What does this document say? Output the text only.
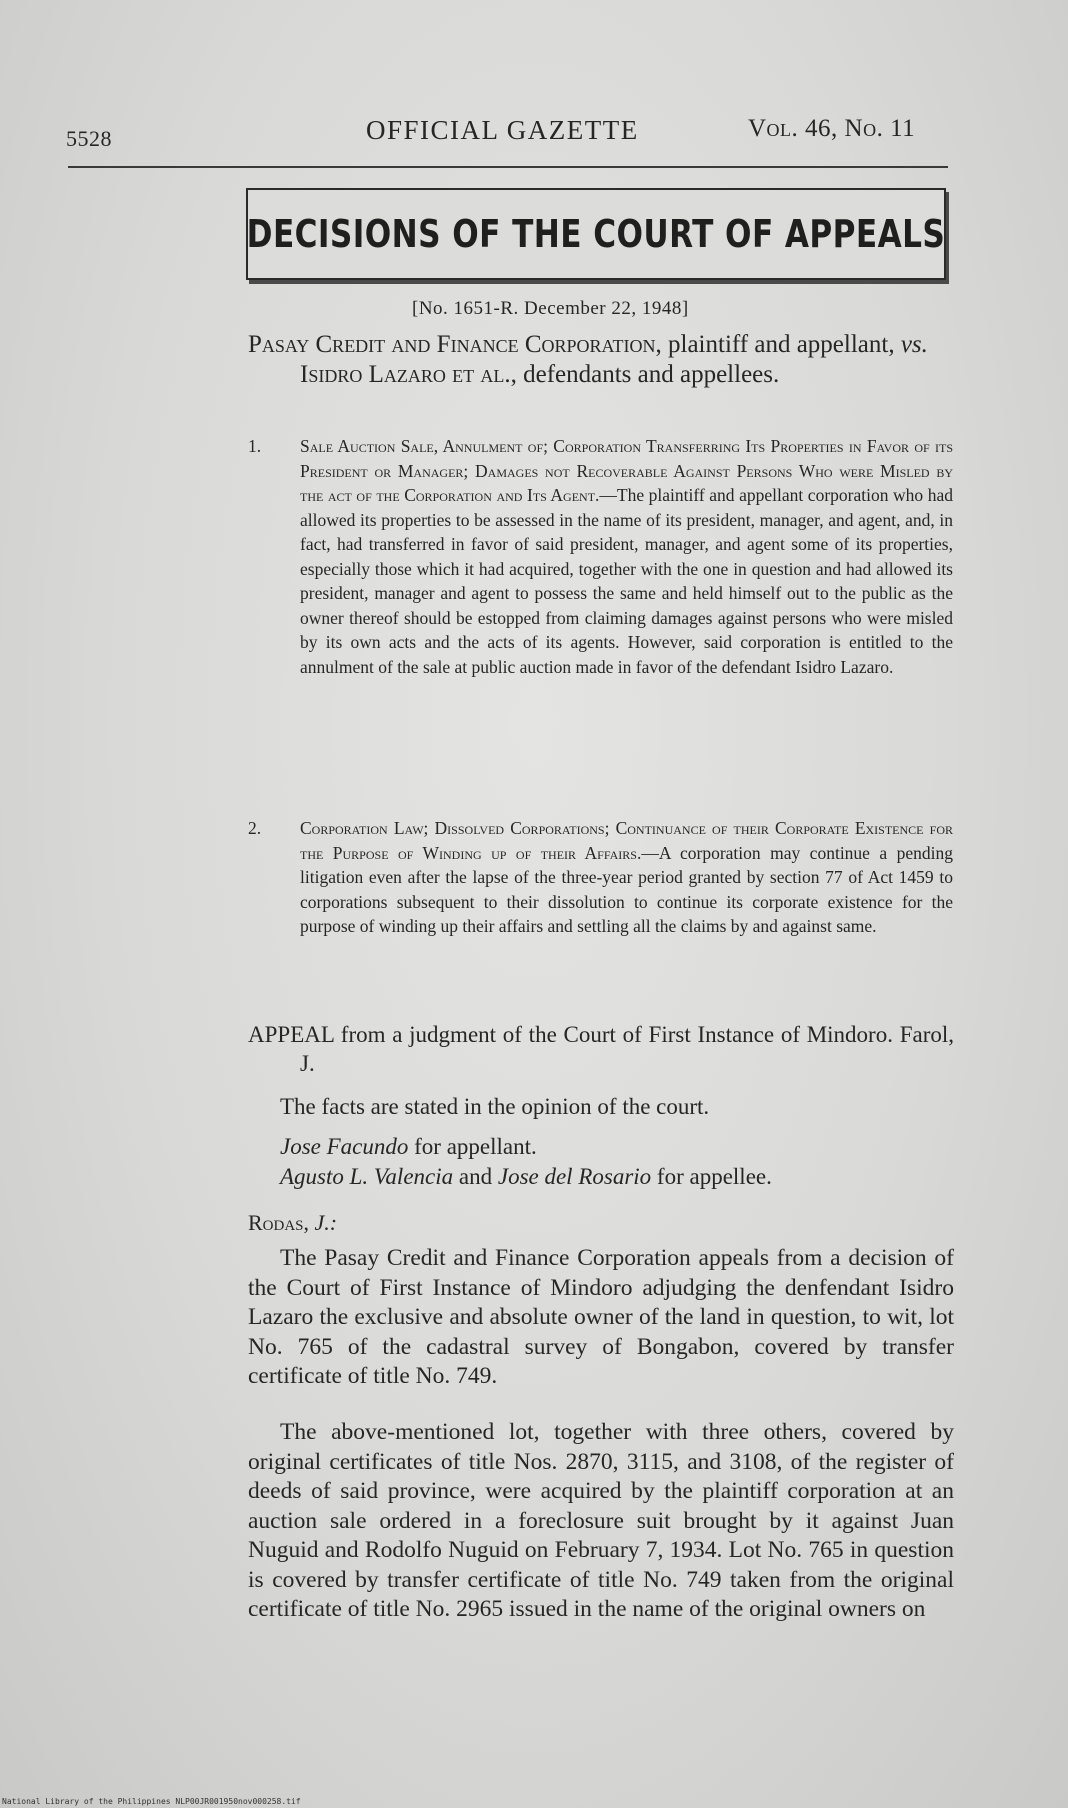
5528	OFFICIAL GAZETTE	Vol. 46, No. 11
DECISIONS OF THE COURT OF APPEALS
[No. 1651-R. December 22, 1948]
Pasay Credit and Finance Corporation, plaintiff and appellant, vs. Isidro Lazaro et al., defendants and appellees.
1. Sale Auction Sale, Annulment of; Corporation Transferring Its Properties in Favor of its President or Manager; Damages not Recoverable Against Persons Who were Misled by the act of the Corporation and Its Agent.—The plaintiff and appellant corporation who had allowed its properties to be assessed in the name of its president, manager, and agent, and, in fact, had transferred in favor of said president, manager, and agent some of its properties, especially those which it had acquired, together with the one in question and had allowed its president, manager and agent to possess the same and held himself out to the public as the owner thereof should be estopped from claiming damages against persons who were misled by its own acts and the acts of its agents. However, said corporation is entitled to the annulment of the sale at public auction made in favor of the defendant Isidro Lazaro.
2. Corporation Law; Dissolved Corporations; Continuance of their Corporate Existence for the Purpose of Winding up of their Affairs.—A corporation may continue a pending litigation even after the lapse of the three-year period granted by section 77 of Act 1459 to corporations subsequent to their dissolution to continue its corporate existence for the purpose of winding up their affairs and settling all the claims by and against same.
APPEAL from a judgment of the Court of First Instance of Mindoro. Farol, J.
The facts are stated in the opinion of the court.
Jose Facundo for appellant.
Agusto L. Valencia and Jose del Rosario for appellee.
Rodas, J.:
The Pasay Credit and Finance Corporation appeals from a decision of the Court of First Instance of Mindoro adjudging the denfendant Isidro Lazaro the exclusive and absolute owner of the land in question, to wit, lot No. 765 of the cadastral survey of Bongabon, covered by transfer certificate of title No. 749.
The above-mentioned lot, together with three others, covered by original certificates of title Nos. 2870, 3115, and 3108, of the register of deeds of said province, were acquired by the plaintiff corporation at an auction sale ordered in a foreclosure suit brought by it against Juan Nuguid and Rodolfo Nuguid on February 7, 1934. Lot No. 765 in question is covered by transfer certificate of title No. 749 taken from the original certificate of title No. 2965 issued in the name of the original owners on
National Library of the Philippines NLP00JR001950nov000258.tif
